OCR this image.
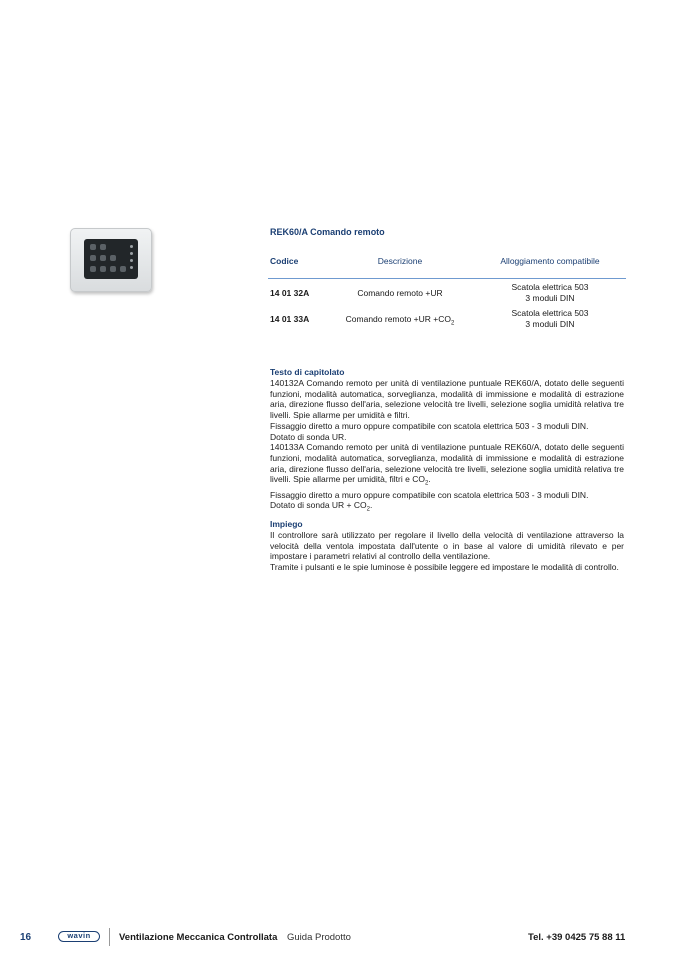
REK60/A Comando remoto
Codice	Descrizione	Alloggiamento compatibile
14 01 32A	Comando remoto +UR
Scatola elettrica 503
3 moduli DIN
14 01 33A	Comando remoto $+UR +CO_2$
Scatola elettrica 503
3 moduli DIN
Testo di capitolato

140132A Comando remoto per unità di ventilazione puntuale REK60/A, dotato delle seguenti funzioni, modalità automatica, sorveglianza, modalità di immissione e modalità di estrazione aria, direzione flusso dell'aria, selezione velocità tre livelli, selezione soglia umidità relativa tre livelli. Spie allarme per umidità e filtri.

Fissaggio diretto a muro oppure compatibile con scatola elettrica 503 - 3 moduli DIN.

Dotato di sonda UR.

140133A Comando remoto per unità di ventilazione puntuale REK60/A, dotato delle seguenti funzioni, modalità automatica, sorveglianza, modalità di immissione e modalità di estrazione aria, direzione flusso dell'aria, selezione velocità tre livelli, selezione soglia umidità relativa tre livelli. Spie allarme per umidità, filtri e $CO_2$.

Fissaggio diretto a muro oppure compatibile con scatola elettrica 503 - 3 moduli DIN.

Dotato di sonda UR + $CO_2$.

Impiego

Il controllore sarà utilizzato per regolare il livello della velocità di ventilazione attraverso la velocità della ventola impostata dall'utente o in base al valore di umidità rilevato e per impostare i parametri relativi al controllo della ventilazione.

Tramite i pulsanti e le spie luminose è possibile leggere ed impostare le modalità di controllo.

16	wavin	Ventilazione Meccanica Controllata Guida Prodotto	Tel. +39 0425 75 88 11
